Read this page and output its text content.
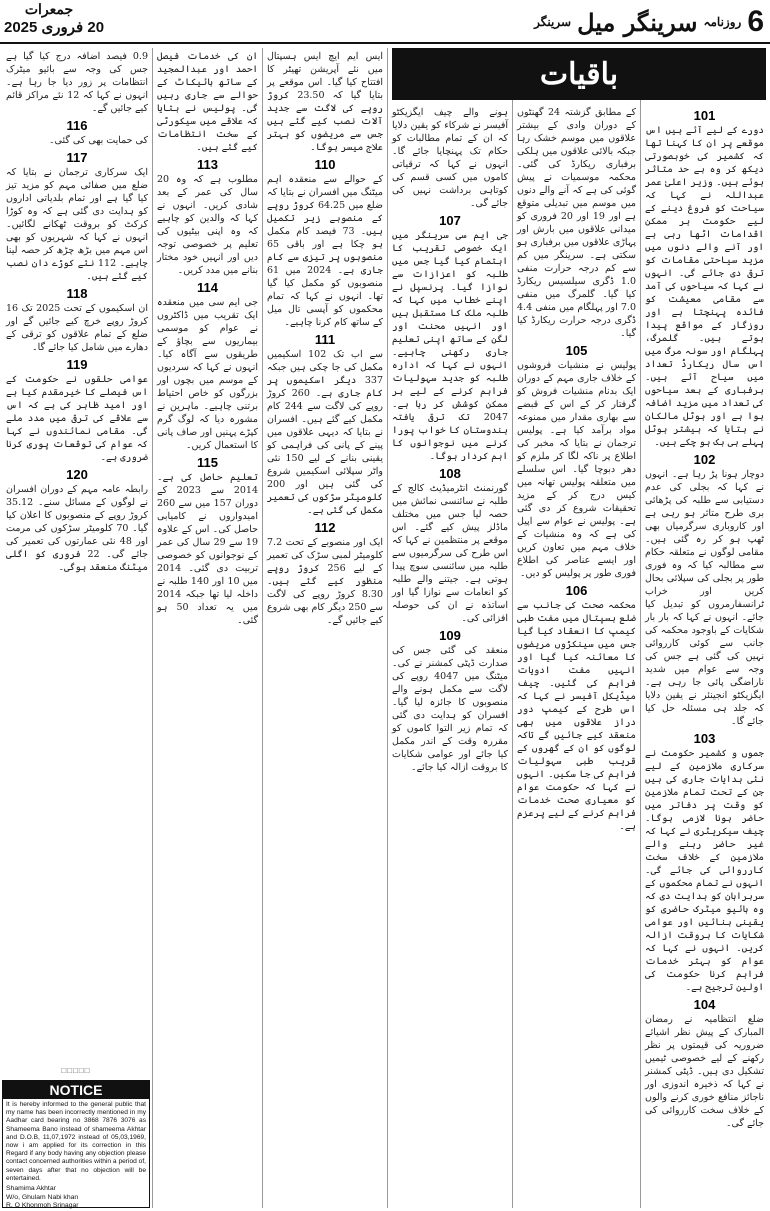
جمعرات
20 فروری 2025	6
روزنامہ
سرینگر میل
سرینگر
101
دورے کے لیے آئے ہیں اس موقعے پر ان کا کہنا تھا کہ کشمیر کی خوبصورتی دیکھ کر وہ بے حد متاثر ہوئے ہیں۔ وزیر اعلیٰ عمر عبداللہ نے کہا کہ سیاحت کو فروغ دینے کے لیے حکومت ہر ممکن اقدامات اٹھا رہی ہے اور آنے والے دنوں میں مزید سیاحتی مقامات کو ترقی دی جائے گی۔ انہوں نے کہا کہ سیاحوں کی آمد سے مقامی معیشت کو فائدہ پہنچتا ہے اور روزگار کے مواقع پیدا ہوتے ہیں۔ گلمرگ، پہلگام اور سونہ مرگ میں اس سال ریکارڈ تعداد میں سیاح آئے ہیں۔ برفباری کے بعد سیاحوں کی تعداد میں مزید اضافہ ہوا ہے اور ہوٹل مالکان نے بتایا کہ بیشتر ہوٹل پہلے ہی بک ہو چکے ہیں۔
102
دوچار ہونا پڑ رہا ہے۔ انہوں نے کہا کہ بجلی کی عدم دستیابی سے طلبہ کی پڑھائی بری طرح متاثر ہو رہی ہے اور کاروباری سرگرمیاں بھی ٹھپ ہو کر رہ گئی ہیں۔ مقامی لوگوں نے متعلقہ حکام سے مطالبہ کیا کہ وہ فوری طور پر بجلی کی سپلائی بحال کریں اور خراب ٹرانسفارمروں کو تبدیل کیا جائے۔ انہوں نے کہا کہ بار بار شکایات کے باوجود محکمہ کی جانب سے کوئی کارروائی نہیں کی گئی ہے جس کی وجہ سے عوام میں شدید ناراضگی پائی جا رہی ہے۔ ایگزیکٹو انجینئر نے یقین دلایا کہ جلد ہی مسئلہ حل کیا جائے گا۔
103
جموں و کشمیر حکومت نے سرکاری ملازمین کے لیے نئی ہدایات جاری کی ہیں جن کے تحت تمام ملازمین کو وقت پر دفاتر میں حاضر ہونا لازمی ہوگا۔ چیف سیکریٹری نے کہا کہ غیر حاضر رہنے والے ملازمین کے خلاف سخت کارروائی کی جائے گی۔ انہوں نے تمام محکموں کے سربراہان کو ہدایت دی کہ وہ بائیو میٹرک حاضری کو یقینی بنائیں اور عوامی شکایات کا بروقت ازالہ کریں۔ انہوں نے کہا کہ عوام کو بہتر خدمات فراہم کرنا حکومت کی اولین ترجیح ہے۔
104
ضلع انتظامیہ نے رمضان المبارک کے پیش نظر اشیائے ضروریہ کی قیمتوں پر نظر رکھنے کے لیے خصوصی ٹیمیں تشکیل دی ہیں۔ ڈپٹی کمشنر نے کہا کہ ذخیرہ اندوزی اور ناجائز منافع خوری کرنے والوں کے خلاف سخت کارروائی کی جائے گی۔
کے مطابق گزشتہ 24 گھنٹوں کے دوران وادی کے بیشتر علاقوں میں موسم خشک رہا جبکہ بالائی علاقوں میں ہلکی برفباری ریکارڈ کی گئی۔ محکمہ موسمیات نے پیش گوئی کی ہے کہ آنے والے دنوں میں موسم میں تبدیلی متوقع ہے اور 19 اور 20 فروری کو میدانی علاقوں میں بارش اور پہاڑی علاقوں میں برفباری ہو سکتی ہے۔ سرینگر میں کم سے کم درجہ حرارت منفی 1.0 ڈگری سیلسیس ریکارڈ کیا گیا۔ گلمرگ میں منفی 7.0 اور پہلگام میں منفی 4.4 ڈگری درجہ حرارت ریکارڈ کیا گیا۔
105
پولیس نے منشیات فروشوں کے خلاف جاری مہم کے دوران ایک بدنام منشیات فروش کو گرفتار کر کے اس کے قبضے سے بھاری مقدار میں ممنوعہ مواد برآمد کیا ہے۔ پولیس ترجمان نے بتایا کہ مخبر کی اطلاع پر ناکہ لگا کر ملزم کو دھر دبوچا گیا۔ اس سلسلے میں متعلقہ پولیس تھانہ میں کیس درج کر کے مزید تحقیقات شروع کر دی گئی ہے۔ پولیس نے عوام سے اپیل کی ہے کہ وہ منشیات کے خلاف مہم میں تعاون کریں اور ایسے عناصر کی اطلاع فوری طور پر پولیس کو دیں۔
106
محکمہ صحت کی جانب سے ضلع ہسپتال میں مفت طبی کیمپ کا انعقاد کیا گیا جس میں سینکڑوں مریضوں کا معائنہ کیا گیا اور انہیں مفت ادویات فراہم کی گئیں۔ چیف میڈیکل آفیسر نے کہا کہ اس طرح کے کیمپ دور دراز علاقوں میں بھی منعقد کیے جائیں گے تاکہ لوگوں کو ان کے گھروں کے قریب طبی سہولیات فراہم کی جا سکیں۔ انہوں نے کہا کہ حکومت عوام کو معیاری صحت خدمات فراہم کرنے کے لیے پرعزم ہے۔
ہونے والے چیف ایگزیکٹو آفیسر نے شرکاء کو یقین دلایا کہ ان کے تمام مطالبات کو حکام تک پہنچایا جائے گا۔ انہوں نے کہا کہ ترقیاتی کاموں میں کسی قسم کی کوتاہی برداشت نہیں کی جائے گی۔
107
جی ایم سی سرینگر میں ایک خصوصی تقریب کا اہتمام کیا گیا جس میں طلبہ کو اعزازات سے نوازا گیا۔ پرنسپل نے اپنے خطاب میں کہا کہ طلبہ ملک کا مستقبل ہیں اور انہیں محنت اور لگن کے ساتھ اپنی تعلیم جاری رکھنی چاہیے۔ انہوں نے کہا کہ ادارہ طلبہ کو جدید سہولیات فراہم کرنے کے لیے ہر ممکن کوشش کر رہا ہے۔ 2047 تک ترقی یافتہ ہندوستان کا خواب پورا کرنے میں نوجوانوں کا اہم کردار ہوگا۔
108
گورنمنٹ انٹرمیڈیٹ کالج کے طلبہ نے سائنسی نمائش میں حصہ لیا جس میں مختلف ماڈلز پیش کیے گئے۔ اس موقعے پر منتظمین نے کہا کہ اس طرح کی سرگرمیوں سے طلبہ میں سائنسی سوچ پیدا ہوتی ہے۔ جیتنے والے طلبہ کو انعامات سے نوازا گیا اور اساتذہ نے ان کی حوصلہ افزائی کی۔
109
منعقد کی گئی جس کی صدارت ڈپٹی کمشنر نے کی۔ میٹنگ میں 4047 روپے کی لاگت سے مکمل ہونے والے منصوبوں کا جائزہ لیا گیا۔ افسران کو ہدایت دی گئی کہ تمام زیر التوا کاموں کو مقررہ وقت کے اندر مکمل کیا جائے اور عوامی شکایات کا بروقت ازالہ کیا جائے۔
ایس ایم ایچ ایس ہسپتال میں نئے آپریشن تھیٹر کا افتتاح کیا گیا۔ اس موقعے پر بتایا گیا کہ 23.50 کروڑ روپے کی لاگت سے جدید آلات نصب کیے گئے ہیں جس سے مریضوں کو بہتر علاج میسر ہوگا۔
110
کے حوالے سے منعقدہ اہم میٹنگ میں افسران نے بتایا کہ ضلع میں 64.25 کروڑ روپے کے منصوبے زیر تکمیل ہیں۔ 73 فیصد کام مکمل ہو چکا ہے اور باقی 65 منصوبوں پر تیزی سے کام جاری ہے۔ 2024 میں 61 منصوبوں کو مکمل کیا گیا تھا۔ انہوں نے کہا کہ تمام محکموں کو آپسی تال میل کے ساتھ کام کرنا چاہیے۔
111
سے اب تک 102 اسکیمیں مکمل کی جا چکی ہیں جبکہ 337 دیگر اسکیموں پر کام جاری ہے۔ 260 کروڑ روپے کی لاگت سے 244 کام مکمل کیے گئے ہیں۔ افسران نے بتایا کہ دیہی علاقوں میں پینے کے پانی کی فراہمی کو یقینی بنانے کے لیے 150 نئی واٹر سپلائی اسکیمیں شروع کی گئی ہیں اور 200 کلومیٹر سڑکوں کی تعمیر مکمل کی گئی ہے۔
112
ایک اور منصوبے کے تحت 7.2 کلومیٹر لمبی سڑک کی تعمیر کے لیے 256 کروڑ روپے منظور کیے گئے ہیں۔ 8.30 کروڑ روپے کی لاگت سے 250 دیگر کام بھی شروع کیے جائیں گے۔
ان کی خدمات فیصل احمد اور عبدالمجید کے ساتھ بائیکاٹ کے حوالے سے جاری رہیں گی۔ پولیس نے بتایا کہ علاقے میں سیکورٹی کے سخت انتظامات کیے گئے ہیں۔
113
مطلوب ہے کہ وہ 20 سال کی عمر کے بعد شادی کریں۔ انہوں نے کہا کہ والدین کو چاہیے کہ وہ اپنی بیٹیوں کی تعلیم پر خصوصی توجہ دیں اور انہیں خود مختار بنانے میں مدد کریں۔
114
جی ایم سی میں منعقدہ ایک تقریب میں ڈاکٹروں نے عوام کو موسمی بیماریوں سے بچاؤ کے طریقوں سے آگاہ کیا۔ انہوں نے کہا کہ سردیوں کے موسم میں بچوں اور بزرگوں کو خاص احتیاط برتنی چاہیے۔ ماہرین نے مشورہ دیا کہ لوگ گرم کپڑے پہنیں اور صاف پانی کا استعمال کریں۔
115
تعلیم حاصل کی ہے۔ 2014 سے 2023 کے دوران 157 میں سے 260 امیدواروں نے کامیابی حاصل کی۔ اس کے علاوہ 19 سے 29 سال کی عمر کے نوجوانوں کو خصوصی تربیت دی گئی۔ 2014 میں 10 اور 140 طلبہ نے داخلہ لیا تھا جبکہ 2014 میں یہ تعداد 50 ہو گئی۔
0.9 فیصد اضافہ درج کیا گیا ہے جس کی وجہ سے بائیو میٹرک انتظامات پر زور دیا جا رہا ہے۔ انہوں نے کہا کہ 12 نئے مراکز قائم کیے جائیں گے۔
116
کی حمایت بھی کی گئی۔
117
ایک سرکاری ترجمان نے بتایا کہ ضلع میں صفائی مہم کو مزید تیز کیا گیا ہے اور تمام بلدیاتی اداروں کو ہدایت دی گئی ہے کہ وہ کوڑا کرکٹ کو بروقت ٹھکانے لگائیں۔ انہوں نے کہا کہ شہریوں کو بھی اس مہم میں بڑھ چڑھ کر حصہ لینا چاہیے۔ 112 نئے کوڑے دان نصب کیے گئے ہیں۔
118
ان اسکیموں کے تحت 2025 تک 16 کروڑ روپے خرچ کیے جائیں گے اور ضلع کے تمام علاقوں کو ترقی کے دھارے میں شامل کیا جائے گا۔
119
عوامی حلقوں نے حکومت کے اس فیصلے کا خیرمقدم کیا ہے اور امید ظاہر کی ہے کہ اس سے علاقے کی ترقی میں مدد ملے گی۔ مقامی نمائندوں نے کہا کہ عوام کی توقعات پوری کرنا ضروری ہے۔
120
رابطہ عامہ مہم کے دوران افسران نے لوگوں کے مسائل سنے۔ 35.12 کروڑ روپے کے منصوبوں کا اعلان کیا گیا۔ 70 کلومیٹر سڑکوں کی مرمت اور 48 نئی عمارتوں کی تعمیر کی جائے گی۔ 22 فروری کو اگلی میٹنگ منعقد ہوگی۔
باقیات
□□□□□
NOTICE
It is hereby informed to the general public that my name has been incorrectly mentioned in my Aadhar card bearing no 3868 7876 3076 as Shameema Bano instead of shameema Akhtar and D.O.B, 11,07,1972 instead of 05,03,1969, now i am applied for its correction in this Regard if any body having any objection please contact concerned authorities within a period of, seven days after that no objection will be entertained.
Shamima Akhtar
W/o, Ghulam Nabi khan
R, O Khonmoh Srinagar
